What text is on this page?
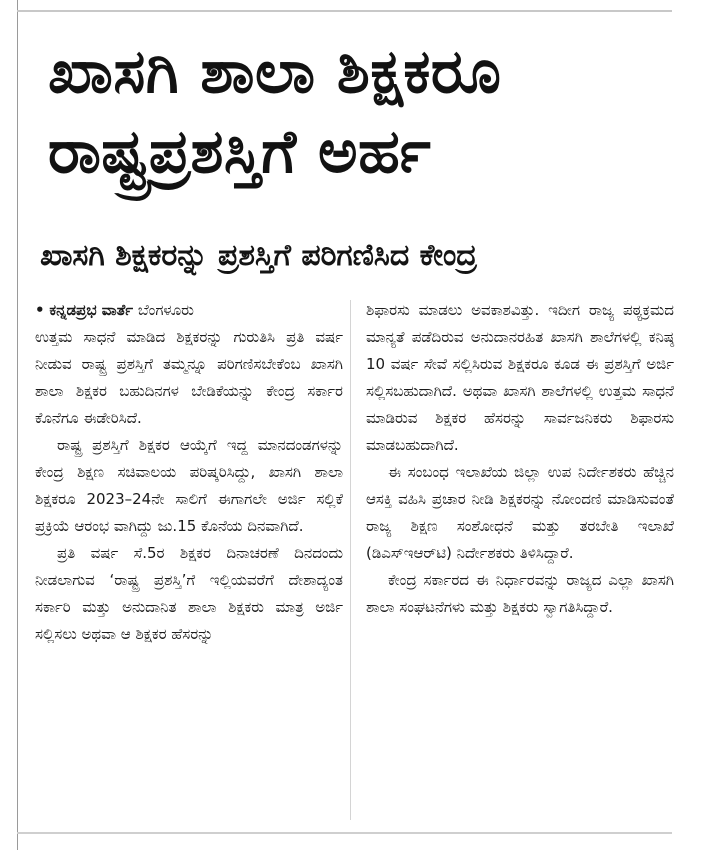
ಖಾಸಗಿ ಶಾಲಾ ಶಿಕ್ಷಕರೂ ರಾಷ್ಟ್ರಪ್ರಶಸ್ತಿಗೆ ಅರ್ಹ
ಖಾಸಗಿ ಶಿಕ್ಷಕರನ್ನು ಪ್ರಶಸ್ತಿಗೆ ಪರಿಗಣಿಸಿದ ಕೇಂದ್ರ

• ಕನ್ನಡಪ್ರಭ ವಾರ್ತೆ ಬೆಂಗಳೂರು

ಉತ್ತಮ ಸಾಧನೆ ಮಾಡಿದ ಶಿಕ್ಷಕರನ್ನು ಗುರುತಿಸಿ ಪ್ರತಿ ವರ್ಷ ನೀಡುವ ರಾಷ್ಟ್ರ ಪ್ರಶಸ್ತಿಗೆ ತಮ್ಮನ್ನೂ ಪರಿಗಣಿಸಬೇಕೆಂಬ ಖಾಸಗಿ ಶಾಲಾ ಶಿಕ್ಷಕರ ಬಹುದಿನಗಳ ಬೇಡಿಕೆಯನ್ನು ಕೇಂದ್ರ ಸರ್ಕಾರ ಕೊನೆಗೂ ಈಡೇರಿಸಿದೆ.

ರಾಷ್ಟ್ರ ಪ್ರಶಸ್ತಿಗೆ ಶಿಕ್ಷಕರ ಆಯ್ಕೆಗೆ ಇದ್ದ ಮಾನದಂಡಗಳನ್ನು ಕೇಂದ್ರ ಶಿಕ್ಷಣ ಸಚಿವಾಲಯ ಪರಿಷ್ಕರಿಸಿದ್ದು, ಖಾಸಗಿ ಶಾಲಾ ಶಿಕ್ಷಕರೂ 2023–24ನೇ ಸಾಲಿಗೆ ಈಗಾಗಲೇ ಅರ್ಜಿ ಸಲ್ಲಿಕೆ ಪ್ರಕ್ರಿಯೆ ಆರಂಭ ವಾಗಿದ್ದು ಜು.15 ಕೊನೆಯ ದಿನವಾಗಿದೆ.

ಪ್ರತಿ ವರ್ಷ ಸೆ.5ರ ಶಿಕ್ಷಕರ ದಿನಾಚರಣೆ ದಿನದಂದು ನೀಡಲಾಗುವ ‘ರಾಷ್ಟ್ರ ಪ್ರಶಸ್ತಿ’ಗೆ ಇಲ್ಲಿಯವರೆಗೆ ದೇಶಾದ್ಯಂತ ಸರ್ಕಾರಿ ಮತ್ತು ಅನುದಾನಿತ ಶಾಲಾ ಶಿಕ್ಷಕರು ಮಾತ್ರ ಅರ್ಜಿ ಸಲ್ಲಿಸಲು ಅಥವಾ ಆ ಶಿಕ್ಷಕರ ಹೆಸರನ್ನು

ಶಿಫಾರಸು ಮಾಡಲು ಅವಕಾಶವಿತ್ತು. ಇದೀಗ ರಾಜ್ಯ ಪಠ್ಯಕ್ರಮದ ಮಾನ್ಯತೆ ಪಡೆದಿರುವ ಅನುದಾನರಹಿತ ಖಾಸಗಿ ಶಾಲೆಗಳಲ್ಲಿ ಕನಿಷ್ಠ 10 ವರ್ಷ ಸೇವೆ ಸಲ್ಲಿಸಿರುವ ಶಿಕ್ಷಕರೂ ಕೂಡ ಈ ಪ್ರಶಸ್ತಿಗೆ ಅರ್ಜಿ ಸಲ್ಲಿಸಬಹುದಾಗಿದೆ. ಅಥವಾ ಖಾಸಗಿ ಶಾಲೆಗಳಲ್ಲಿ ಉತ್ತಮ ಸಾಧನೆ ಮಾಡಿರುವ ಶಿಕ್ಷಕರ ಹೆಸರನ್ನು ಸಾರ್ವಜನಿಕರು ಶಿಫಾರಸು ಮಾಡಬಹುದಾಗಿದೆ.

ಈ ಸಂಬಂಧ ಇಲಾಖೆಯ ಜಿಲ್ಲಾ ಉಪ ನಿರ್ದೇಶಕರು ಹೆಚ್ಚಿನ ಆಸಕ್ತಿ ವಹಿಸಿ ಪ್ರಚಾರ ನೀಡಿ ಶಿಕ್ಷಕರನ್ನು ನೋಂದಣಿ ಮಾಡಿಸುವಂತೆ ರಾಜ್ಯ ಶಿಕ್ಷಣ ಸಂಶೋಧನೆ ಮತ್ತು ತರಬೇತಿ ಇಲಾಖೆ (ಡಿಎಸ್ಇಆರ್‌ಟಿ) ನಿರ್ದೇಶಕರು ತಿಳಿಸಿದ್ದಾರೆ.

ಕೇಂದ್ರ ಸರ್ಕಾರದ ಈ ನಿರ್ಧಾರವನ್ನು ರಾಜ್ಯದ ಎಲ್ಲಾ ಖಾಸಗಿ ಶಾಲಾ ಸಂಘಟನೆಗಳು ಮತ್ತು ಶಿಕ್ಷಕರು ಸ್ವಾಗತಿಸಿದ್ದಾರೆ.
